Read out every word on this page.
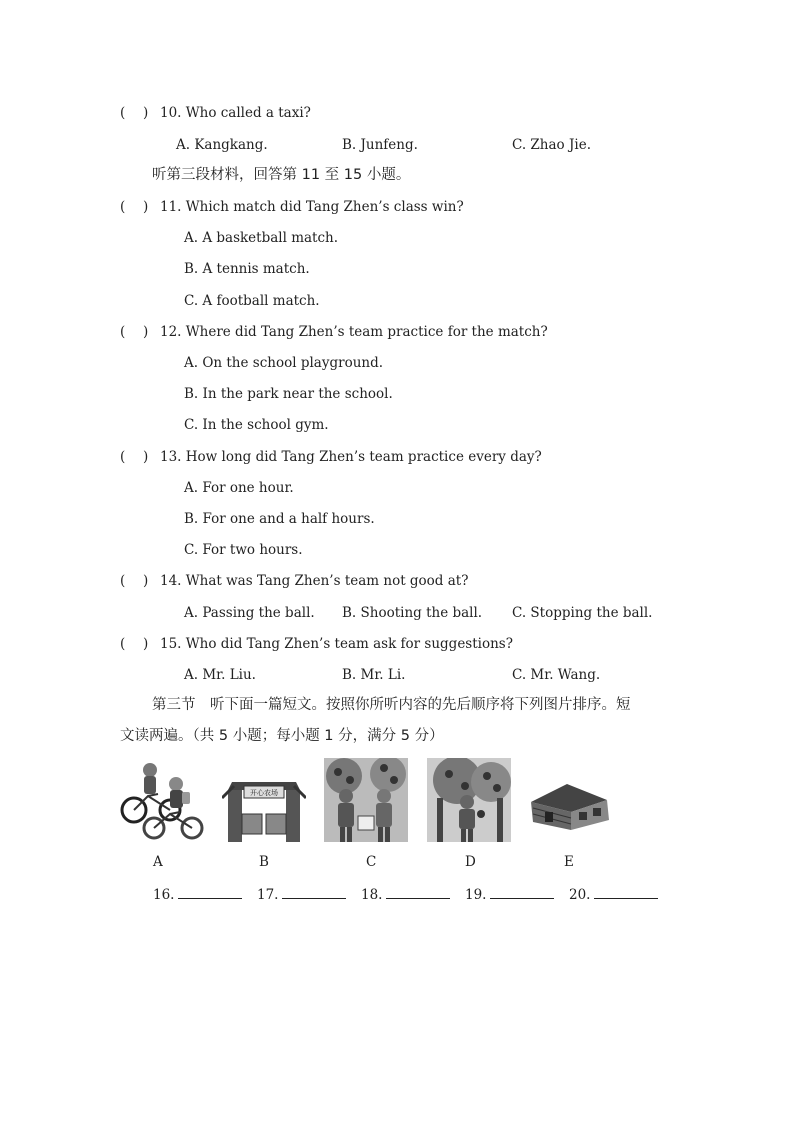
(　 ) 10. Who called a taxi?
A. Kangkang.	B. Junfeng.	C. Zhao Jie.
听第三段材料，回答第 11 至 15 小题。
(　 ) 11. Which match did Tang Zhen’s class win?
A. A basketball match.
B. A tennis match.
C. A football match.
(　 ) 12. Where did Tang Zhen’s team practice for the match?
A. On the school playground.
B. In the park near the school.
C. In the school gym.
(　 ) 13. How long did Tang Zhen’s team practice every day?
A. For one hour.
B. For one and a half hours.
C. For two hours.
(　 ) 14. What was Tang Zhen’s team not good at?
A. Passing the ball. B. Shooting the ball. C. Stopping the ball.
(　 ) 15. Who did Tang Zhen’s team ask for suggestions?
A. Mr. Liu.	B. Mr. Li.	C. Mr. Wang.
第三节　听下面一篇短文。按照你所听内容的先后顺序将下列图片排序。短
文读两遍。（共 5 小题；每小题 1 分，满分 5 分）
开心农场
A	B	C	D	E
16.	17.	18.	19.	20.
